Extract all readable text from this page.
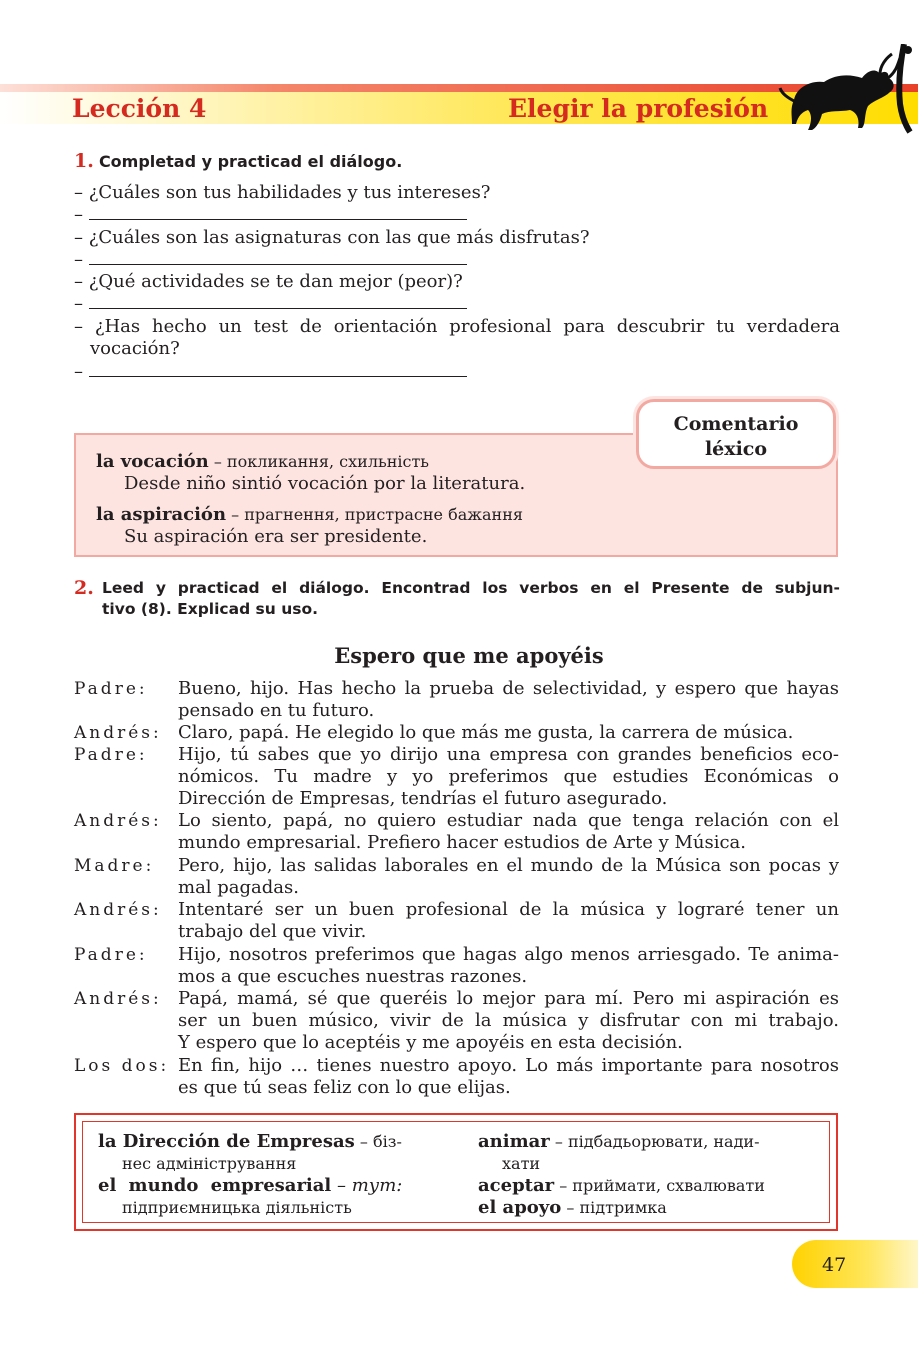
Lección 4	Elegir la profesión
1. Completad y practicad el diálogo.
– ¿Cuáles son tus habilidades y tus intereses?
–
– ¿Cuáles son las asignaturas con las que más disfrutas?
–
– ¿Qué actividades se te dan mejor (peor)?
–
– ¿Has hecho un test de orientación profesional para descubrir tu verdadera
vocación?
–
la vocación – покликання, схильність
Desde niño sintió vocación por la literatura.
la aspiración – прагнення, пристрасне бажання
Su aspiración era ser presidente.
Comentario
léxico
2. Leed y practicad el diálogo. Encontrad los verbos en el Presente de subjun-
tivo (8). Explicad su uso.
Espero que me apoyéis
Padre:	Bueno, hijo. Has hecho la prueba de selectividad, y espero que hayas
pensado en tu futuro.
Andrés: Claro, papá. He elegido lo que más me gusta, la carrera de música.
Padre:	Hijo, tú sabes que yo dirijo una empresa con grandes beneficios eco-
nómicos. Tu madre y yo preferimos que estudies Económicas o
Dirección de Empresas, tendrías el futuro asegurado.
Andrés: Lo siento, papá, no quiero estudiar nada que tenga relación con el
mundo empresarial. Prefiero hacer estudios de Arte y Música.
Madre:	Pero, hijo, las salidas laborales en el mundo de la Música son pocas y
mal pagadas.
Andrés: Intentaré ser un buen profesional de la música y lograré tener un
trabajo del que vivir.
Padre:	Hijo, nosotros preferimos que hagas algo menos arriesgado. Te anima-
mos a que escuches nuestras razones.
Andrés: Papá, mamá, sé que queréis lo mejor para mí. Pero mi aspiración es
ser un buen músico, vivir de la música y disfrutar con mi trabajo.
Y espero que lo aceptéis y me apoyéis en esta decisión.
Los dos: En fin, hijo … tienes nuestro apoyo. Lo más importante para nosotros
es que tú seas feliz con lo que elijas.
la Dirección de Empresas – біз-
нес адміністрування
el mundo empresarial – тут:
підприємницька діяльність
animar – підбадьорювати, нади-
хати
aceptar – приймати, схвалювати
el apoyo – підтримка
47
